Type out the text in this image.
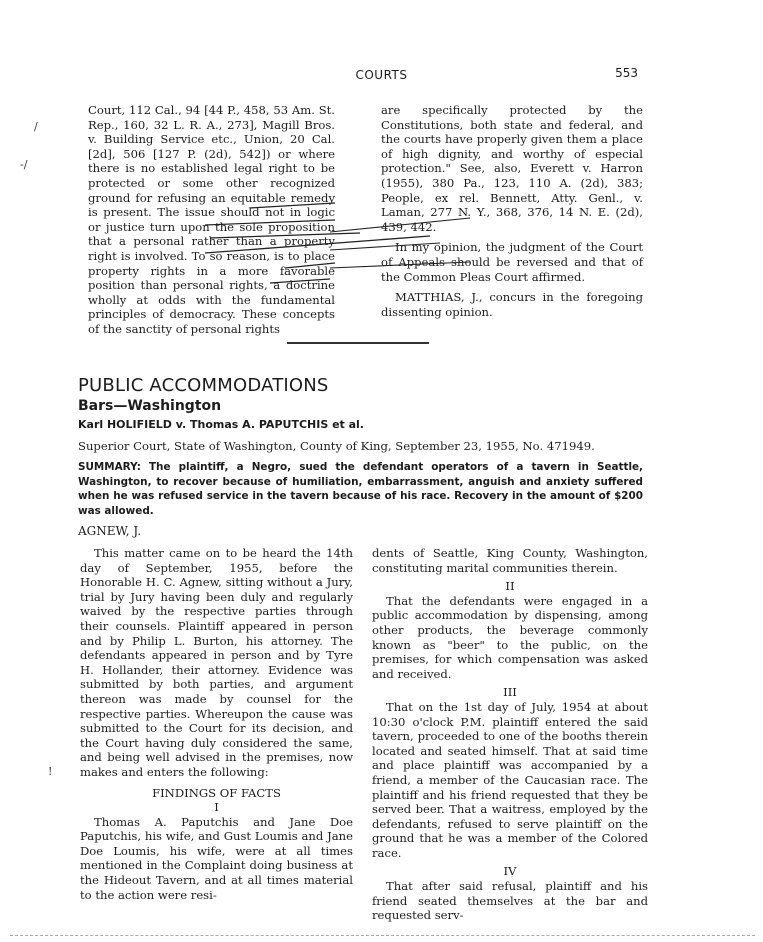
COURTS	553
/
-/
!

Court, 112 Cal., 94 [44 P., 458, 53 Am. St. Rep., 160, 32 L. R. A., 273], Magill Bros. v. Building Service etc., Union, 20 Cal. [2d], 506 [127 P. (2d), 542]) or where there is no established legal right to be protected or some other recognized ground for refusing an equitable remedy is present. The issue should not in logic or justice turn upon the sole proposition that a personal rather than a property right is involved. To so reason, is to place property rights in a more favorable position than personal rights, a doctrine wholly at odds with the fundamental principles of democracy. These concepts of the sanctity of personal rights

are specifically protected by the Constitutions, both state and federal, and the courts have properly given them a place of high dignity, and worthy of especial protection." See, also, Everett v. Harron (1955), 380 Pa., 123, 110 A. (2d), 383; People, ex rel. Bennett, Atty. Genl., v. Laman, 277 N. Y., 368, 376, 14 N. E. (2d), 439, 442.

In my opinion, the judgment of the Court of Appeals should be reversed and that of the Common Pleas Court affirmed.

MATTHIAS, J., concurs in the foregoing dissenting opinion.

PUBLIC ACCOMMODATIONS
Bars—Washington
Karl HOLIFIELD v. Thomas A. PAPUTCHIS et al.
Superior Court, State of Washington, County of King, September 23, 1955, No. 471949.
SUMMARY: The plaintiff, a Negro, sued the defendant operators of a tavern in Seattle, Washington, to recover because of humiliation, embarrassment, anguish and anxiety suffered when he was refused service in the tavern because of his race. Recovery in the amount of $200 was allowed.
AGNEW, J.

This matter came on to be heard the 14th day of September, 1955, before the Honorable H. C. Agnew, sitting without a Jury, trial by Jury having been duly and regularly waived by the respective parties through their counsels. Plaintiff appeared in person and by Philip L. Burton, his attorney. The defendants appeared in person and by Tyre H. Hollander, their attorney. Evidence was submitted by both parties, and argument thereon was made by counsel for the respective parties. Whereupon the cause was submitted to the Court for its decision, and the Court having duly considered the same, and being well advised in the premises, now makes and enters the following:

FINDINGS OF FACTS

I

Thomas A. Paputchis and Jane Doe Paputchis, his wife, and Gust Loumis and Jane Doe Loumis, his wife, were at all times mentioned in the Complaint doing business at the Hideout Tavern, and at all times material to the action were resi-

dents of Seattle, King County, Washington, constituting marital communities therein.

II

That the defendants were engaged in a public accommodation by dispensing, among other products, the beverage commonly known as "beer" to the public, on the premises, for which compensation was asked and received.

III

That on the 1st day of July, 1954 at about 10:30 o'clock P.M. plaintiff entered the said tavern, proceeded to one of the booths therein located and seated himself. That at said time and place plaintiff was accompanied by a friend, a member of the Caucasian race. The plaintiff and his friend requested that they be served beer. That a waitress, employed by the defendants, refused to serve plaintiff on the ground that he was a member of the Colored race.

IV

That after said refusal, plaintiff and his friend seated themselves at the bar and requested serv-
